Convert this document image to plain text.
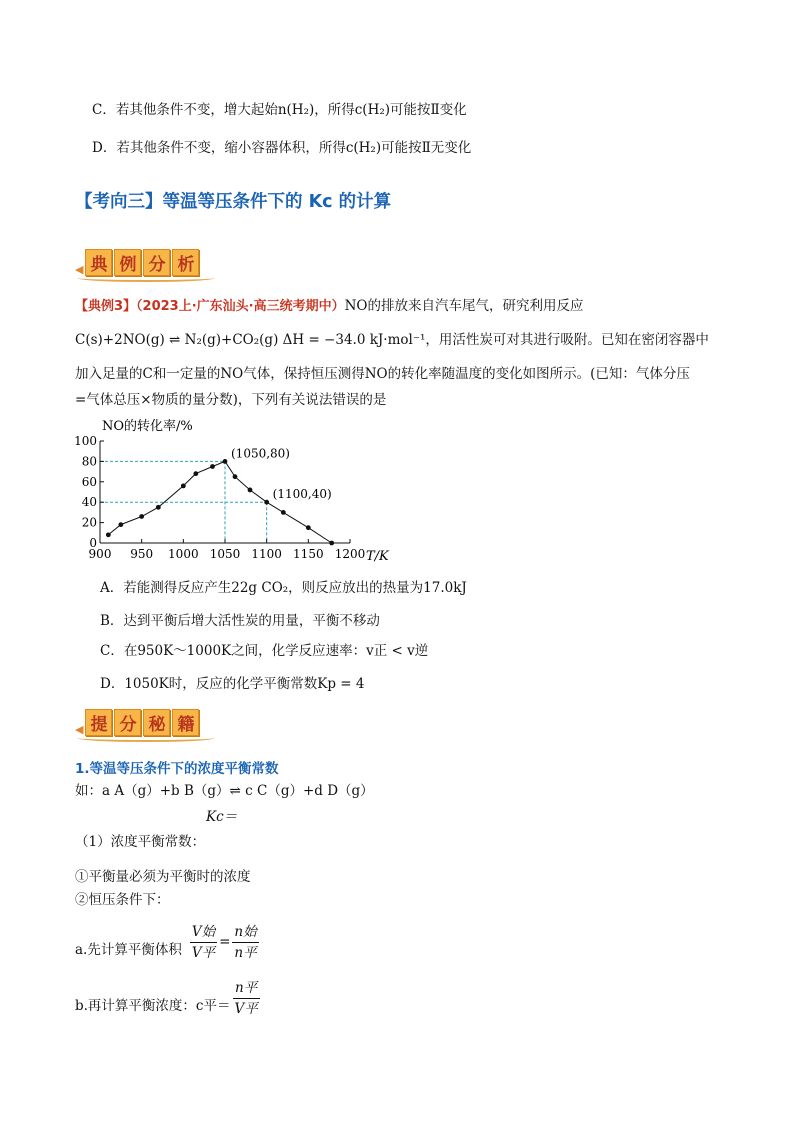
C．若其他条件不变，增大起始n(H₂)，所得c(H₂)可能按Ⅱ变化
D．若其他条件不变，缩小容器体积，所得c(H₂)可能按Ⅱ无变化
【考向三】等温等压条件下的 Kc 的计算
◀ 典 例 分 析
【典例3】（2023上·广东汕头·高三统考期中）NO的排放来自汽车尾气，研究利用反应
C(s)+2NO(g) ⇌ N₂(g)+CO₂(g) ΔH = −34.0 kJ·mol⁻¹，用活性炭可对其进行吸附。已知在密闭容器中
加入足量的C和一定量的NO气体，保持恒压测得NO的转化率随温度的变化如图所示。(已知：气体分压
=气体总压×物质的量分数)，下列有关说法错误的是
NO的转化率/%
T/K
0
20
40
60
80
100
900 950 1000 1050 1100 1150 1200
(1050,80)
(1100,40)
A．若能测得反应产生22g CO₂，则反应放出的热量为17.0kJ
B．达到平衡后增大活性炭的用量，平衡不移动
C．在950K～1000K之间，化学反应速率：v正 < v逆
D．1050K时，反应的化学平衡常数Kp = 4
◀ 提 分 秘 籍
1.等温等压条件下的浓度平衡常数
如：a A（g）+b B（g）⇌ c C（g）+d D（g）
Kc＝
（1）浓度平衡常数：
①平衡量必须为平衡时的浓度
②恒压条件下：
a.先计算平衡体积 $\frac{\text{V始}}{\text{V平}} = \frac{\text{n始}}{\text{n平}}$
b.再计算平衡浓度：c平＝ $\frac{\text{n平}}{\text{V平}}$
